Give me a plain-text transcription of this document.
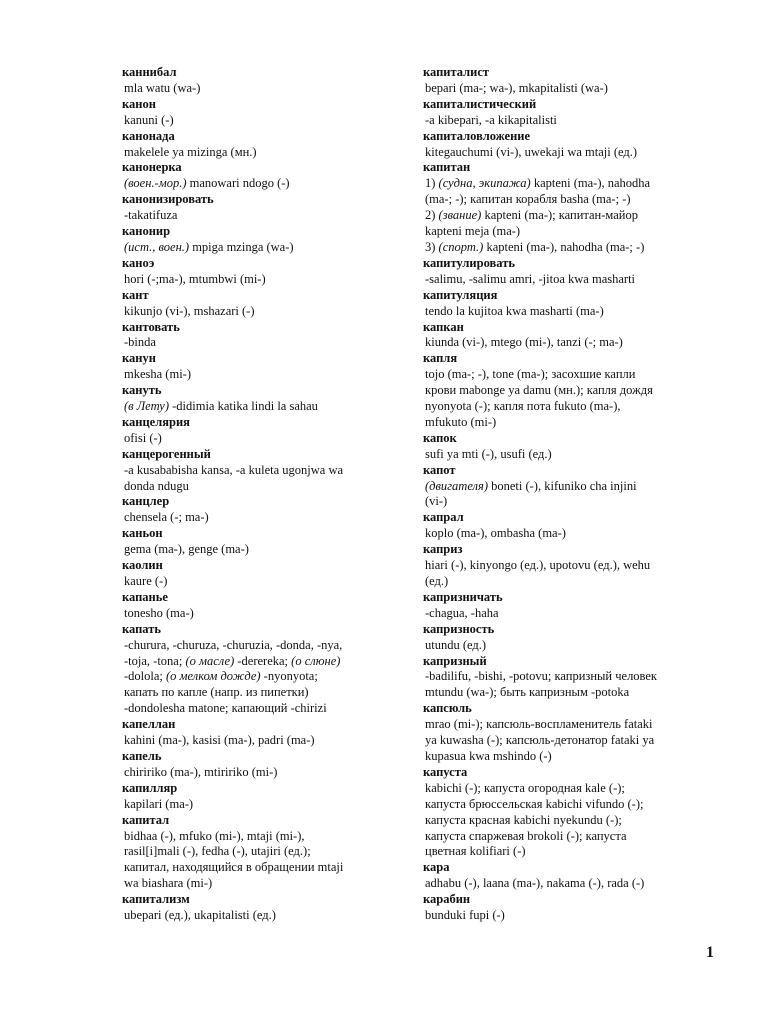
каннибал
mla watu (wa-)
канон
kanuni (-)
канонада
makelele ya mizinga (мн.)
канонерка
(воен.-мор.) manowari ndogo (-)
канонизировать
-takatifuza
канонир
(ист., воен.) mpiga mzinga (wa-)
каноэ
hori (-;ma-), mtumbwi (mi-)
кант
kikunjo (vi-), mshazari (-)
кантовать
-binda
канун
mkesha (mi-)
кануть
(в Лету) -didimia katika lindi la sahau
канцелярия
ofisi (-)
канцерогенный
-a kusababisha kansa, -a kuleta ugonjwa wa
donda ndugu
канцлер
chensela (-; ma-)
каньон
gema (ma-), genge (ma-)
каолин
kaure (-)
капанье
tonesho (ma-)
капать
-churura, -churuza, -churuzia, -donda, -nya,
-toja, -tona; (о масле) -derereka; (о слюне)
-dolola; (о мелком дожде) -nyonyota;
капать по капле (напр. из пипетки)
-dondolesha matone; капающий -chirizi
капеллан
kahini (ma-), kasisi (ma-), padri (ma-)
капель
chiririko (ma-), mtiririko (mi-)
капилляр
kapilari (ma-)
капитал
bidhaa (-), mfuko (mi-), mtaji (mi-),
rasil[i]mali (-), fedha (-), utajiri (ед.);
капитал, находящийся в обращении mtaji
wa biashara (mi-)
капитализм
ubepari (ед.), ukapitalisti (ед.)
капиталист
bepari (ma-; wa-), mkapitalisti (wa-)
капиталистический
-a kibepari, -a kikapitalisti
капиталовложение
kitegauchumi (vi-), uwekaji wa mtaji (ед.)
капитан
1) (судна, экипажа) kapteni (ma-), nahodha
(ma-; -); капитан корабля basha (ma-; -)
2) (звание) kapteni (ma-); капитан-майор
kapteni meja (ma-)
3) (спорт.) kapteni (ma-), nahodha (ma-; -)
капитулировать
-salimu, -salimu amri, -jitoa kwa masharti
капитуляция
tendo la kujitoa kwa masharti (ma-)
капкан
kiunda (vi-), mtego (mi-), tanzi (-; ma-)
капля
tojo (ma-; -), tone (ma-); засохшие капли
крови mabonge ya damu (мн.); капля дождя
nyonyota (-); капля пота fukuto (ma-),
mfukuto (mi-)
капок
sufi ya mti (-), usufi (ед.)
капот
(двигателя) boneti (-), kifuniko cha injini
(vi-)
капрал
koplo (ma-), ombasha (ma-)
каприз
hiari (-), kinyongo (ед.), upotovu (ед.), wehu
(ед.)
капризничать
-chagua, -haha
капризность
utundu (ед.)
капризный
-badilifu, -bishi, -potovu; капризный человек
mtundu (wa-); быть капризным -potoka
капсюль
mrao (mi-); капсюль-воспламенитель fataki
ya kuwasha (-); капсюль-детонатор fataki ya
kupasua kwa mshindo (-)
капуста
kabichi (-); капуста огородная kale (-);
капуста брюссельская kabichi vifundo (-);
капуста красная kabichi nyekundu (-);
капуста спаржевая brokoli (-); капуста
цветная kolifiari (-)
кара
adhabu (-), laana (ma-), nakama (-), rada (-)
карабин
bunduki fupi (-)
1
